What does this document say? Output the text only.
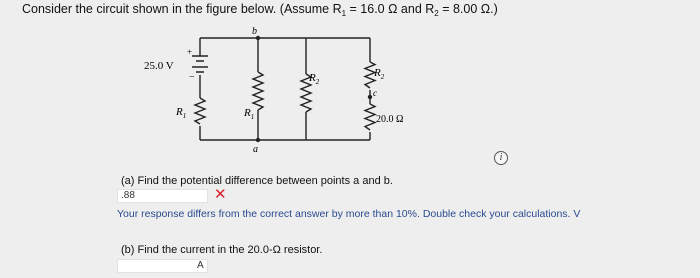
Consider the circuit shown in the figure below. (Assume $R_1 = 16.0$ Ω and $R_2 = 8.00$ Ω.)
+
−
25.0 V
b
a
c
$R_1$	$R_1$
$R_2$
$R_2$
20.0 Ω
i
(a) Find the potential difference between points a and b.
.88	✕
Your response differs from the correct answer by more than 10%. Double check your calculations. V
(b) Find the current in the 20.0-Ω resistor.
A
